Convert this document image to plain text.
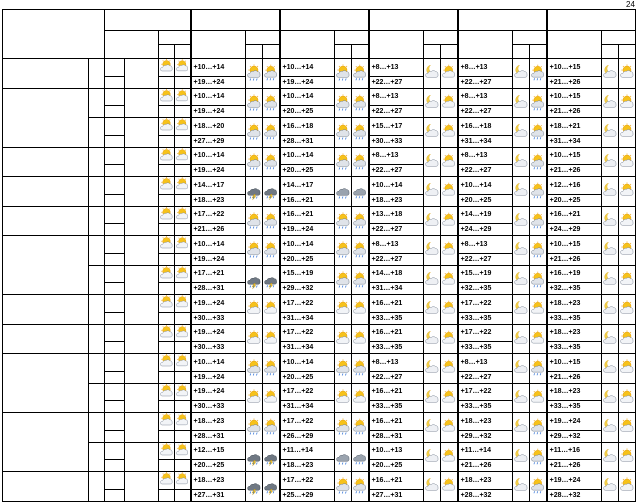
24

	+10…+14			+10…+14			+8…+13			+8…+13			+10…+15	

						+19…+24			+19…+24			+22…+27			+22…+27			+21…+26		

	+10…+14			+10…+14			+8…+13			+8…+13			+10…+15	

						+19…+24			+20…+25			+22…+27			+22…+27			+21…+26		

	+18…+20			+16…+18			+15…+17			+16…+18			+18…+21	

						+27…+29			+28…+31			+30…+33			+31…+34			+31…+34		

	+10…+14			+10…+14			+8…+13			+8…+13			+10…+15	

						+19…+24			+20…+25			+22…+27			+22…+27			+21…+26		

	+14…+17			+14…+17			+10…+14			+10…+14			+12…+16	

						+18…+23			+16…+21			+18…+23			+20…+25			+20…+25		

	+17…+22			+16…+21			+13…+18			+14…+19			+16…+21	

						+21…+26			+19…+24			+22…+27			+24…+29			+24…+29		

	+10…+14			+10…+14			+8…+13			+8…+13			+10…+15	

						+19…+24			+20…+25			+22…+27			+22…+27			+21…+26		

	+17…+21			+15…+19			+14…+18			+15…+19			+16…+19	

						+28…+31			+29…+32			+31…+34			+32…+35			+32…+35		

	+19…+24			+17…+22			+16…+21			+17…+22			+18…+23	

						+30…+33			+31…+34			+33…+35			+33…+35			+33…+35		

	+19…+24			+17…+22			+16…+21			+17…+22			+18…+23	

						+30…+33			+31…+34			+33…+35			+33…+35			+33…+35		

	+10…+14			+10…+14			+8…+13			+8…+13			+10…+15	

						+19…+24			+20…+25			+22…+27			+22…+27			+21…+26		

	+19…+24			+17…+22			+16…+21			+17…+22			+18…+23	

						+30…+33			+31…+34			+33…+35			+33…+35			+33…+35		

	+18…+23			+17…+22			+16…+21			+18…+23			+19…+24	

						+28…+31			+26…+29			+28…+31			+29…+32			+29…+32		

	+12…+15			+11…+14			+10…+13			+11…+14			+11…+16	

						+20…+25			+18…+23			+20…+25			+21…+26			+21…+26		

	+18…+23			+17…+22			+16…+21			+18…+23			+19…+24	

						+27…+31			+25…+29			+27…+31			+28…+32			+28…+32		
